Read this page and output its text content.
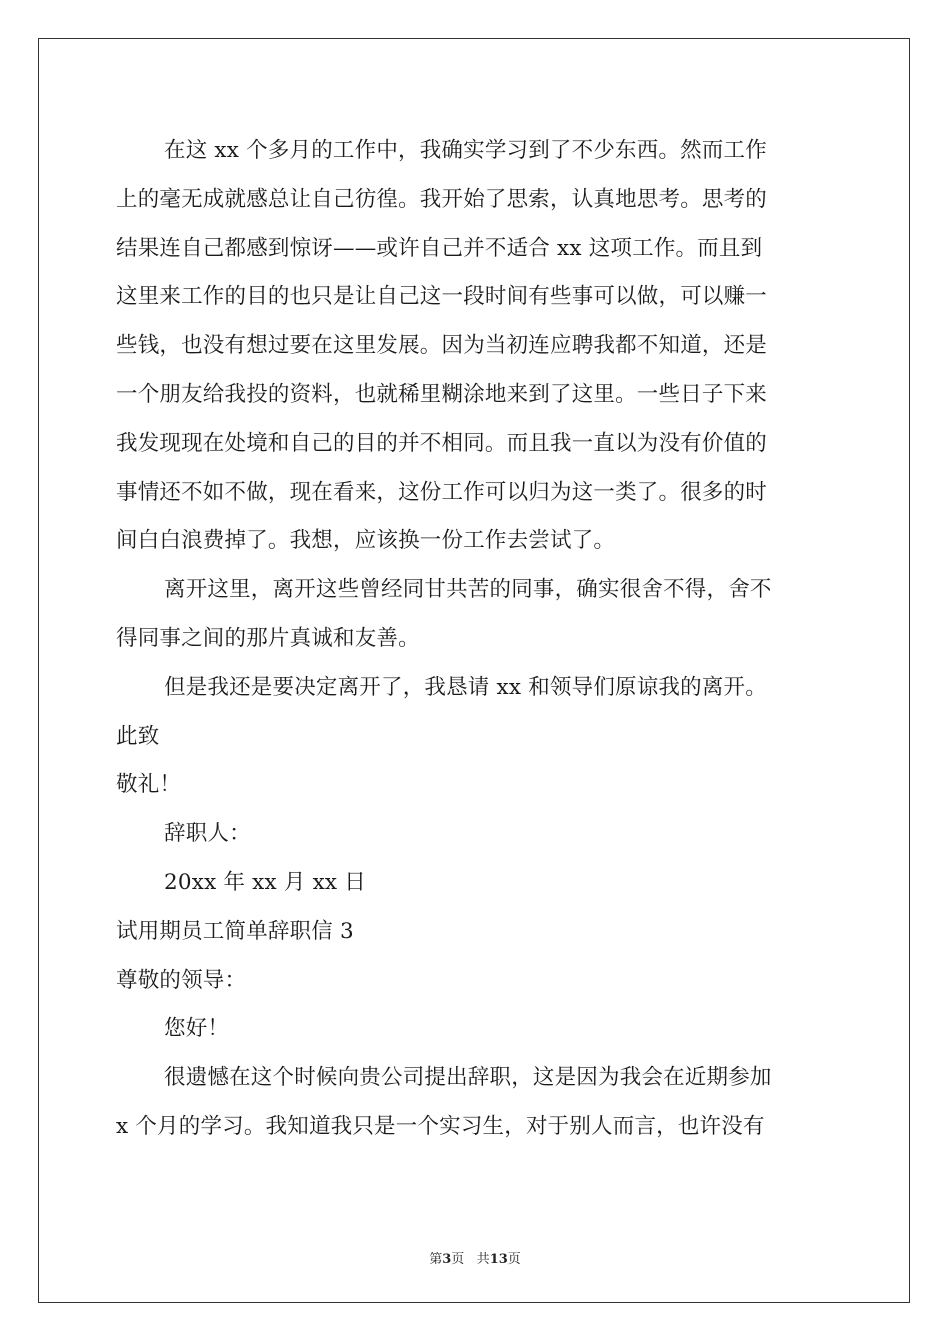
在这 xx 个多月的工作中，我确实学习到了不少东西。然而工作
上的毫无成就感总让自己彷徨。我开始了思索，认真地思考。思考的
结果连自己都感到惊讶——或许自己并不适合 xx 这项工作。而且到
这里来工作的目的也只是让自己这一段时间有些事可以做，可以赚一
些钱，也没有想过要在这里发展。因为当初连应聘我都不知道，还是
一个朋友给我投的资料，也就稀里糊涂地来到了这里。一些日子下来
我发现现在处境和自己的目的并不相同。而且我一直以为没有价值的
事情还不如不做，现在看来，这份工作可以归为这一类了。很多的时
间白白浪费掉了。我想，应该换一份工作去尝试了。
离开这里，离开这些曾经同甘共苦的同事，确实很舍不得，舍不
得同事之间的那片真诚和友善。
但是我还是要决定离开了，我恳请 xx 和领导们原谅我的离开。
此致
敬礼！
辞职人：
20xx 年 xx 月 xx 日
试用期员工简单辞职信 3
尊敬的领导：
您好！
很遗憾在这个时候向贵公司提出辞职，这是因为我会在近期参加
x 个月的学习。我知道我只是一个实习生，对于别人而言，也许没有
第3页 共13页
